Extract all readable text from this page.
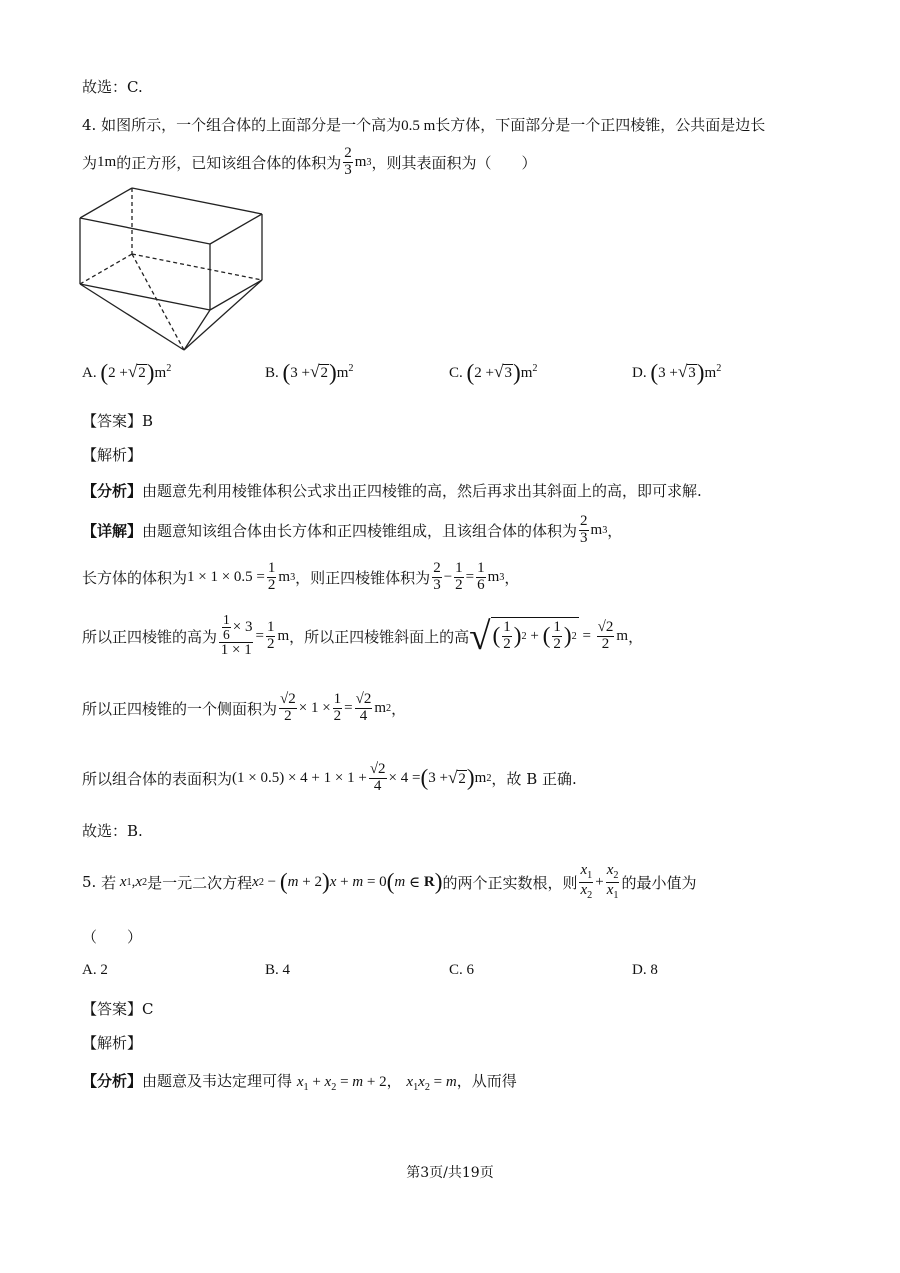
故选：C.
4. 如图所示，一个组合体的上面部分是一个高为0.5 m长方体，下面部分是一个正四棱锥，公共面是边长
为 1m 的正方形，已知该组合体的体积为 $\frac{2}{3}$ m 3 ，则其表面积为（　　）
A. $(2 +√2)m^2$	B. $(3 +√2)m^2$	C. $(2 +√3)m^2$	D. $(3 +√3)m^2$
【答案】B
【解析】
【分析】由题意先利用棱锥体积公式求出正四棱锥的高，然后再求出其斜面上的高，即可求解.
【详解】 由题意知该组合体由长方体和正四棱锥组成，且该组合体的体积为 $\frac{2}{3}$ m 3 ，
长方体的体积为 $1 \times 1 \times 0.5 = \frac{1}{2}$ m 3 ，则正四棱锥体积为 $\frac{2}{3} - \frac{1}{2} = \frac{1}{6}$ m 3 ，
所以正四棱锥的高为 $\frac{\frac{1}{6} \times 3}{1 \times 1} = \frac{1}{2}$ m ，所以正四棱锥斜面上的高 √ ( $\frac{1}{2}$ ) 2 + ( $\frac{1}{2}$ ) $2 = \frac{√2}{2}$ m ，
所以正四棱锥的一个侧面积为 $\frac{√2}{2} \times 1 \times \frac{1}{2} = \frac{√2}{4}$ m 2 ，
所以组合体的表面积为 $(1 \times 0.5) \times 4 + 1 \times 1 + \frac{√2}{4} \times 4$ = ( 3 + √2 ) m 2 ，故 B 正确.
故选：B.
5.
若 x 1 , x 2 是一元二次方程 x 2 − ( m + 2 ) x + m = 0 ( m ∈ R ) 的两个正实数根，则 $\frac{x_1}{x_2} + \frac{x_2}{x_1}$ 的最小值为
（　　）
A. 2	B. 4	C. 6	D. 8
【答案】C
【解析】
【分析】由题意及韦达定理可得 $x_1 + x_2 = m + 2$， $x_1x_2 = m$，从而得
第3页/共19页
